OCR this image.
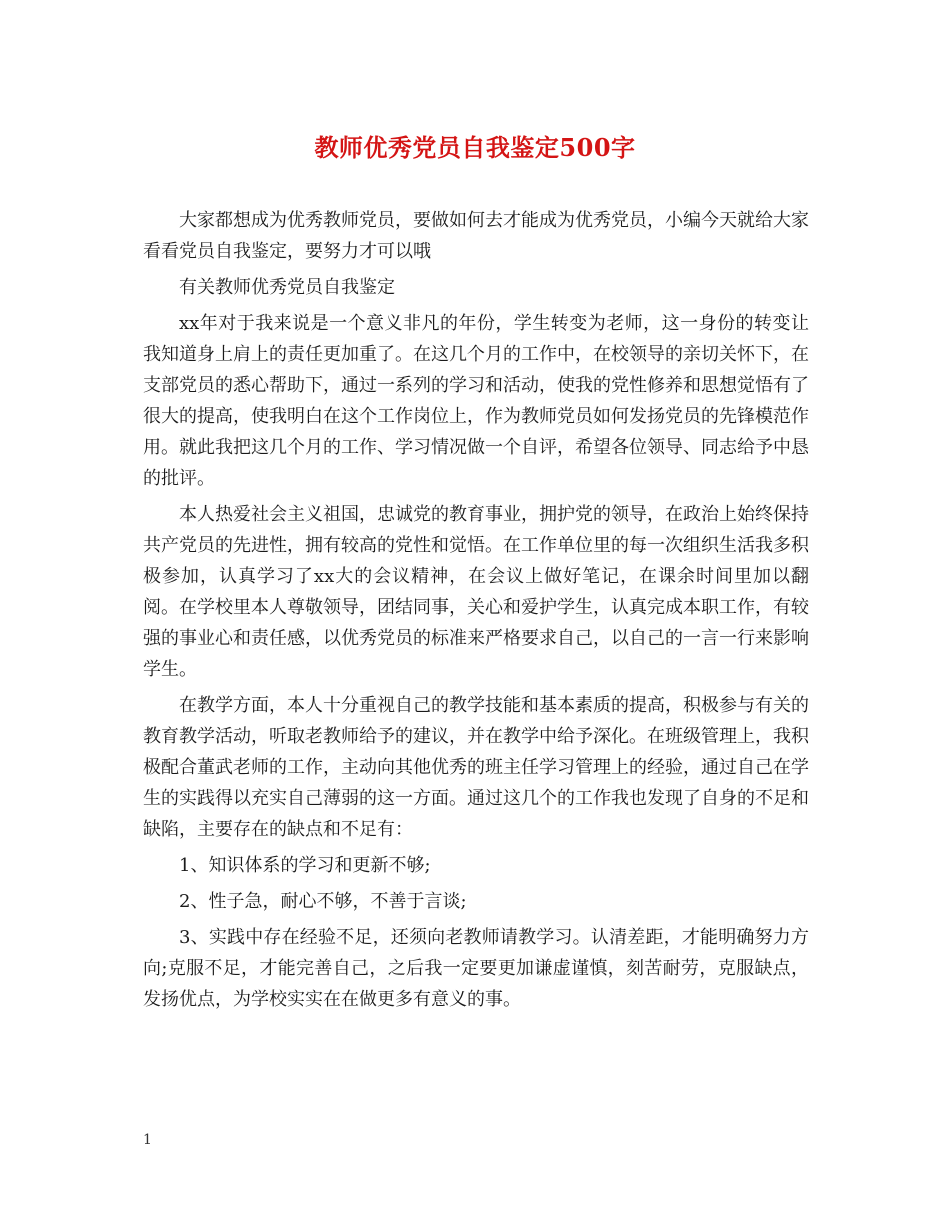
教师优秀党员自我鉴定500字

大家都想成为优秀教师党员，要做如何去才能成为优秀党员，小编今天就给大家看看党员自我鉴定，要努力才可以哦

有关教师优秀党员自我鉴定

xx年对于我来说是一个意义非凡的年份，学生转变为老师，这一身份的转变让我知道身上肩上的责任更加重了。在这几个月的工作中，在校领导的亲切关怀下，在支部党员的悉心帮助下，通过一系列的学习和活动，使我的党性修养和思想觉悟有了很大的提高，使我明白在这个工作岗位上，作为教师党员如何发扬党员的先锋模范作用。就此我把这几个月的工作、学习情况做一个自评，希望各位领导、同志给予中恳的批评。

本人热爱社会主义祖国，忠诚党的教育事业，拥护党的领导，在政治上始终保持共产党员的先进性，拥有较高的党性和觉悟。在工作单位里的每一次组织生活我多积极参加，认真学习了xx大的会议精神，在会议上做好笔记，在课余时间里加以翻阅。在学校里本人尊敬领导，团结同事，关心和爱护学生，认真完成本职工作，有较强的事业心和责任感，以优秀党员的标准来严格要求自己，以自己的一言一行来影响学生。

在教学方面，本人十分重视自己的教学技能和基本素质的提高，积极参与有关的教育教学活动，听取老教师给予的建议，并在教学中给予深化。在班级管理上，我积极配合董武老师的工作，主动向其他优秀的班主任学习管理上的经验，通过自己在学生的实践得以充实自己薄弱的这一方面。通过这几个的工作我也发现了自身的不足和缺陷，主要存在的缺点和不足有：

1、知识体系的学习和更新不够;

2、性子急，耐心不够，不善于言谈;

3、实践中存在经验不足，还须向老教师请教学习。认清差距，才能明确努力方向;克服不足，才能完善自己，之后我一定要更加谦虚谨慎，刻苦耐劳，克服缺点，发扬优点，为学校实实在在做更多有意义的事。

1
